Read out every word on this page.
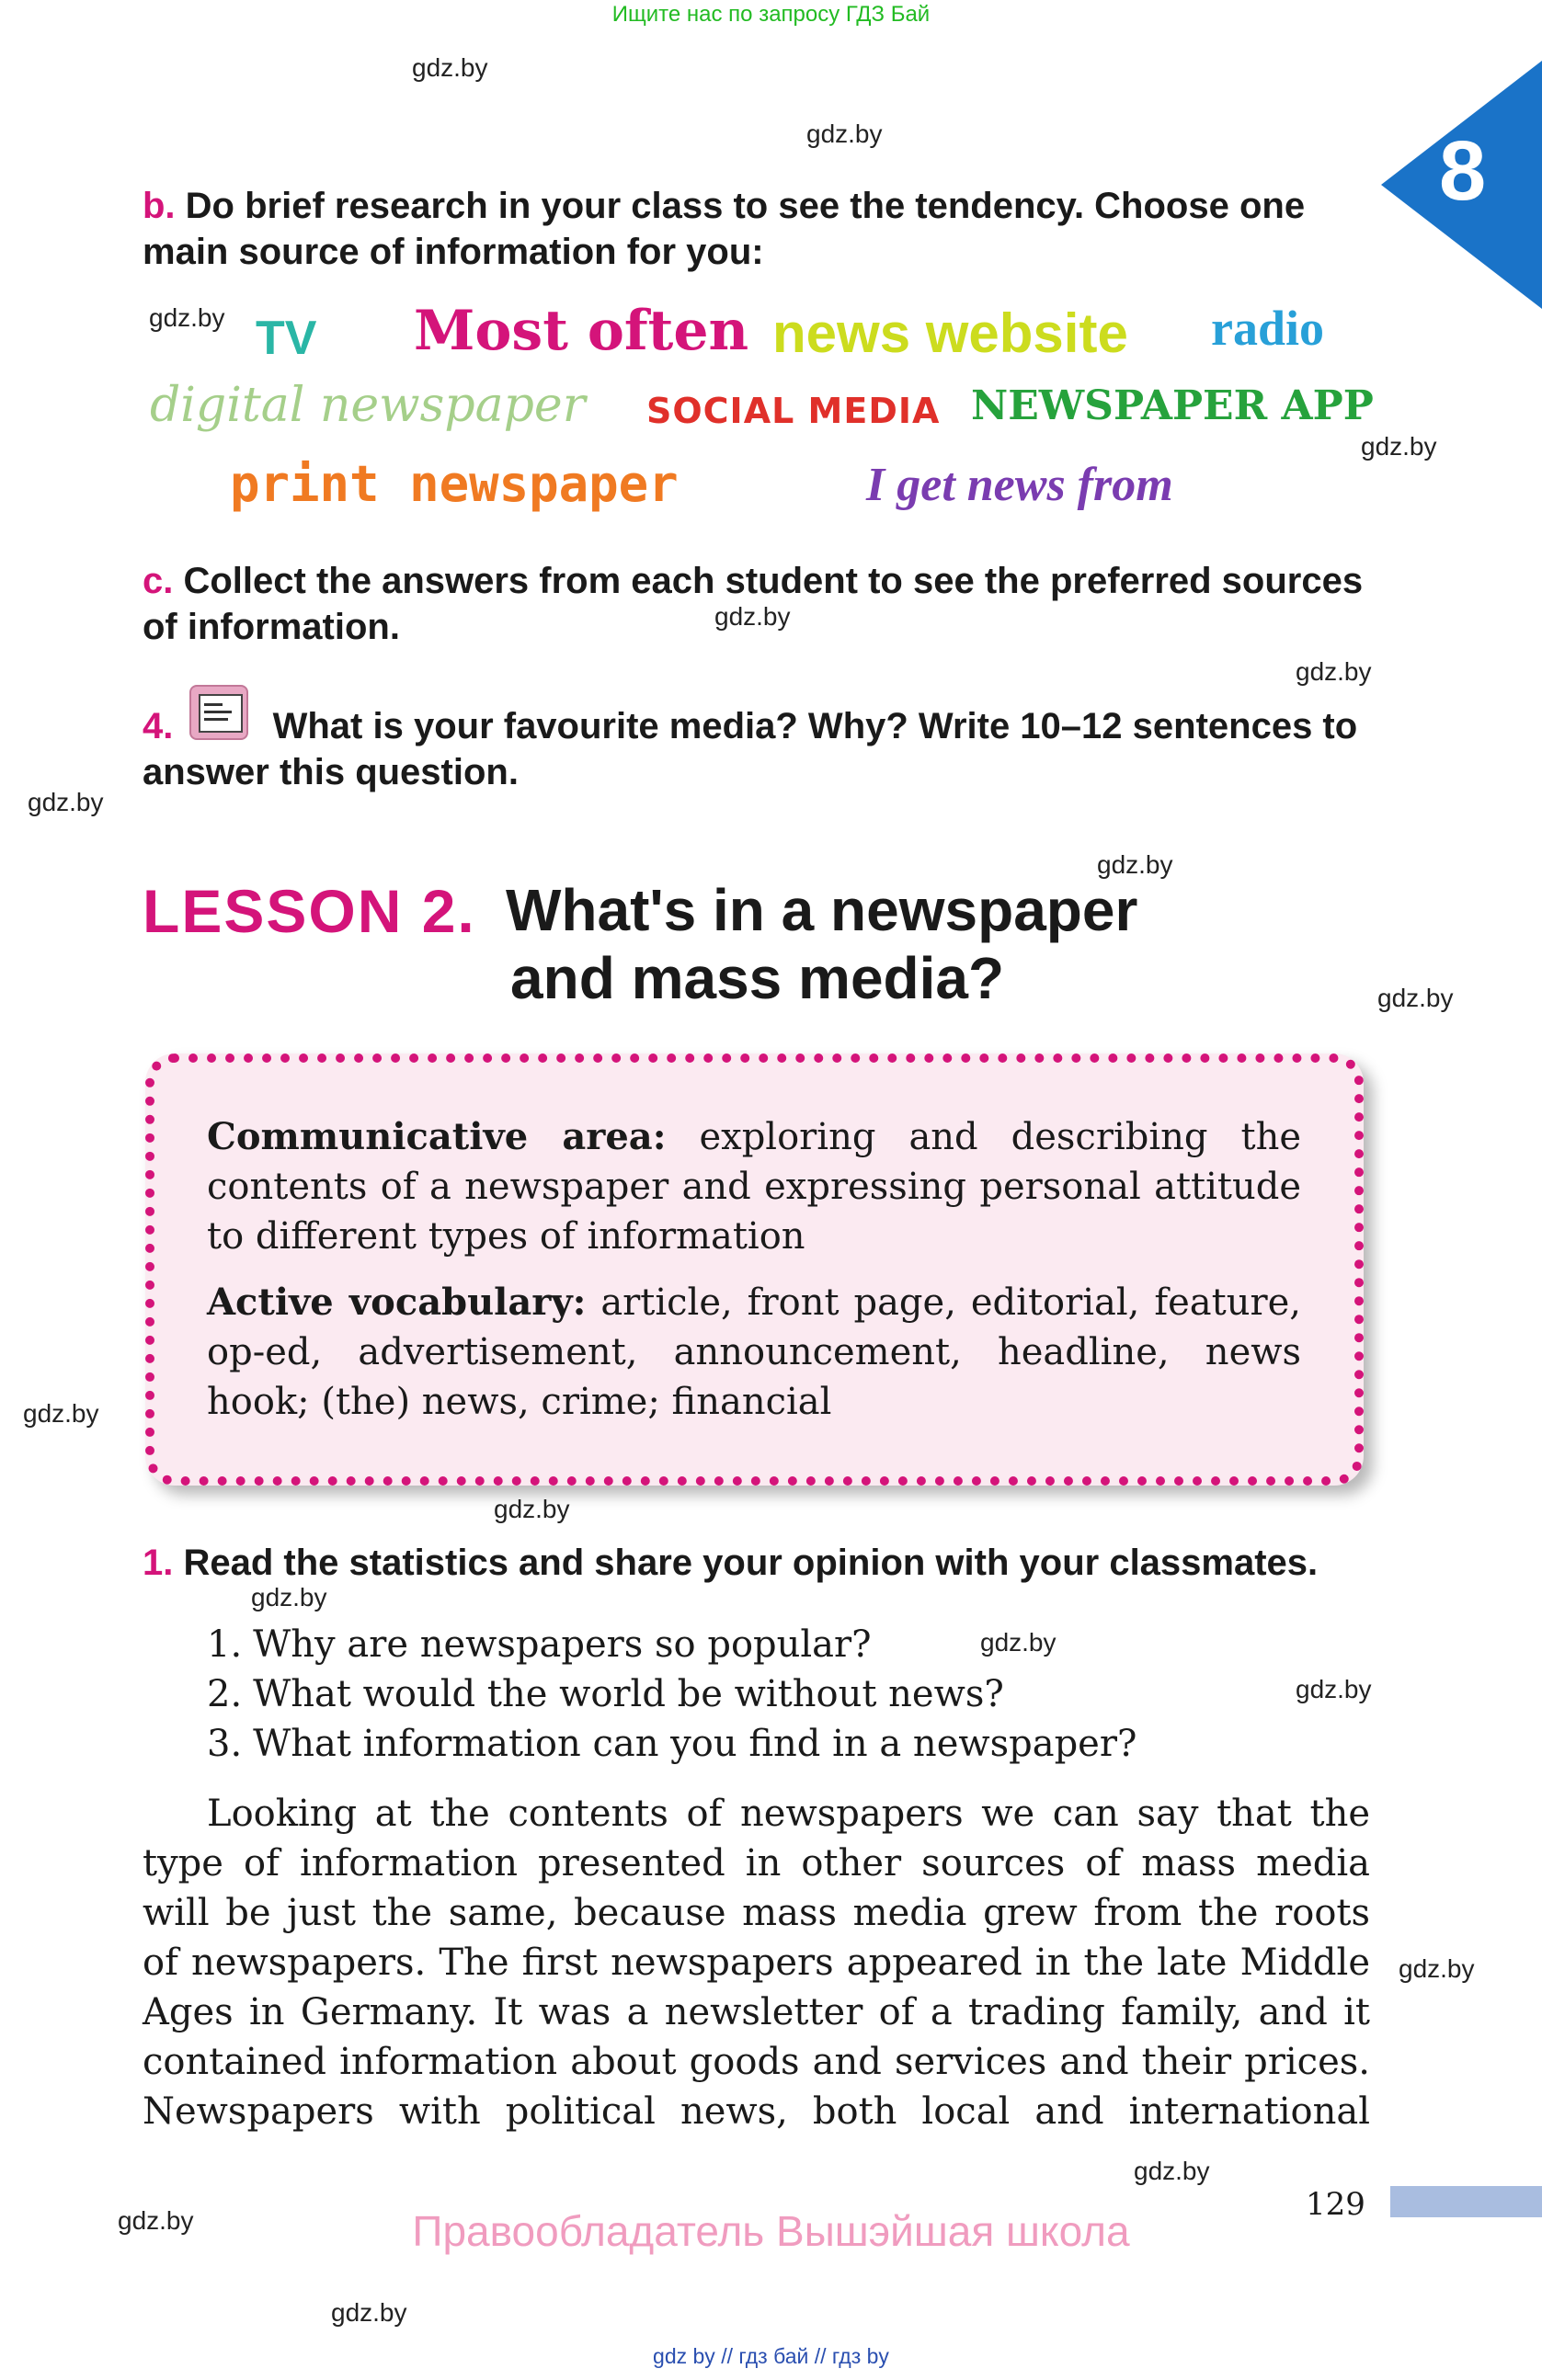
Ищите нас по запросу ГДЗ Бай
8
gdz.by
gdz.by
gdz.by
gdz.by
gdz.by
gdz.by
gdz.by
gdz.by
gdz.by
gdz.by
gdz.by
gdz.by
gdz.by
gdz.by
gdz.by
gdz.by
gdz.by
gdz.by
b. Do brief research in your class to see the tendency. Choose one main source of information for you:
TV Most often news website radio
digital newspaper SOCIAL MEDIA NEWSPAPER APP
print newspaper	I get news from
c. Collect the answers from each student to see the preferred sources of information.
4.	What is your favourite media? Why? Write 10–12 sentences to answer this question.
LESSON 2. What's in a newspaper
and mass media?
Communicative area: exploring and describing the contents of a newspaper and expressing personal attitude to different types of information
Active vocabulary: article, front page, editorial, feature, op-ed, advertisement, announcement, headline, news hook; (the) news, crime; financial
1. Read the statistics and share your opinion with your classmates.
1. Why are newspapers so popular?
2. What would the world be without news?
3. What information can you find in a newspaper?
Looking at the contents of newspapers we can say that the
type of information presented in other sources of mass media
will be just the same, because mass media grew from the roots
of newspapers. The first newspapers appeared in the late Middle
Ages in Germany. It was a newsletter of a trading family, and it
contained information about goods and services and their prices.
Newspapers with political news, both local and international
129
Правообладатель Вышэйшая школа
gdz by // гдз бай // гдз by
